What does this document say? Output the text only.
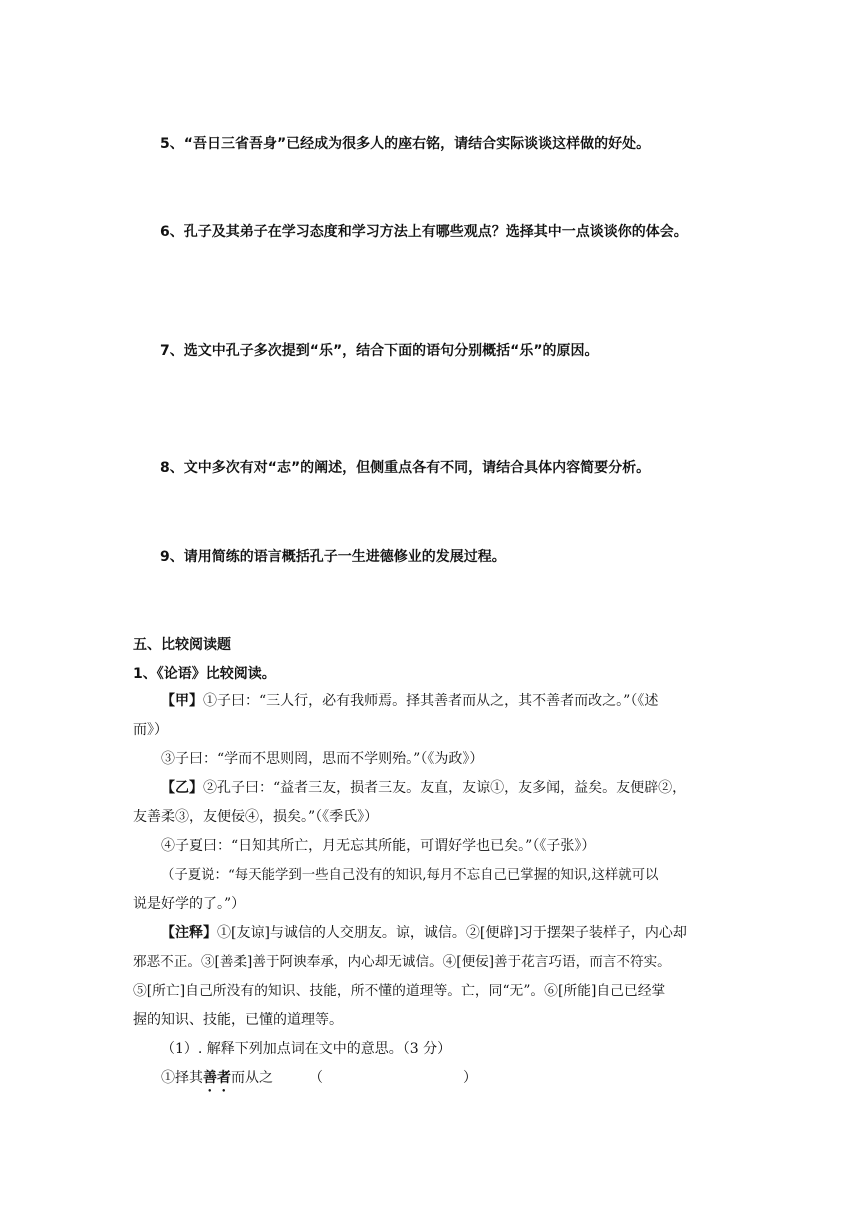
5、“吾日三省吾身”已经成为很多人的座右铭，请结合实际谈谈这样做的好处。
6、孔子及其弟子在学习态度和学习方法上有哪些观点？选择其中一点谈谈你的体会。
7、选文中孔子多次提到“乐”，结合下面的语句分别概括“乐”的原因。
8、文中多次有对“志”的阐述，但侧重点各有不同，请结合具体内容简要分析。
9、请用简练的语言概括孔子一生进德修业的发展过程。
五、比较阅读题
1、《论语》比较阅读。
【甲】①子曰：“三人行，必有我师焉。择其善者而从之，其不善者而改之。”（《述
而》）
③子曰：“学而不思则罔，思而不学则殆。”（《为政》）
【乙】②孔子曰：“益者三友，损者三友。友直，友谅①，友多闻，益矣。友便辟②，
友善柔③，友便佞④，损矣。”（《季氏》）
④子夏曰：“日知其所亡，月无忘其所能，可谓好学也已矣。”（《子张》）
（子夏说：“每天能学到一些自己没有的知识,每月不忘自己已掌握的知识,这样就可以
说是好学的了。”）
【注释】①[友谅]与诚信的人交朋友。谅，诚信。②[便辟]习于摆架子装样子，内心却
邪恶不正。③[善柔]善于阿谀奉承，内心却无诚信。④[便佞]善于花言巧语，而言不符实。
⑤[所亡]自己所没有的知识、技能，所不懂的道理等。亡，同“无”。⑥[所能]自己已经掌
握的知识、技能，已懂的道理等。
（1）. 解释下列加点词在文中的意思。（3 分）
①择其善者而从之	（	）
